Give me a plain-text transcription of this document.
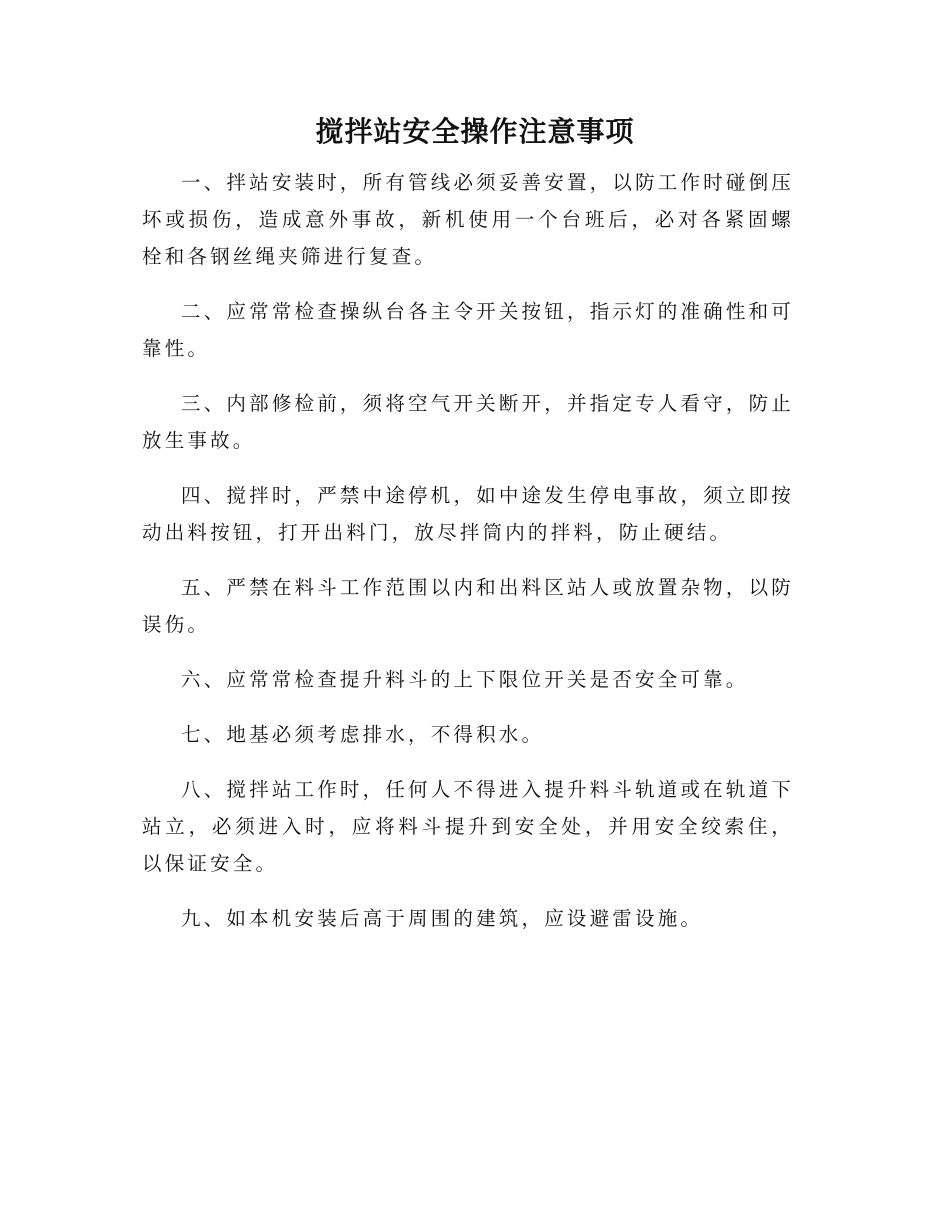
搅拌站安全操作注意事项

一、拌站安装时，所有管线必须妥善安置，以防工作时碰倒压坏或损伤，造成意外事故，新机使用一个台班后，必对各紧固螺栓和各钢丝绳夹筛进行复查。

二、应常常检查操纵台各主令开关按钮，指示灯的准确性和可靠性。

三、内部修检前，须将空气开关断开，并指定专人看守，防止放生事故。

四、搅拌时，严禁中途停机，如中途发生停电事故，须立即按动出料按钮，打开出料门，放尽拌筒内的拌料，防止硬结。

五、严禁在料斗工作范围以内和出料区站人或放置杂物，以防误伤。

六、应常常检查提升料斗的上下限位开关是否安全可靠。

七、地基必须考虑排水，不得积水。

八、搅拌站工作时，任何人不得进入提升料斗轨道或在轨道下站立，必须进入时，应将料斗提升到安全处，并用安全绞索住，以保证安全。

九、如本机安装后高于周围的建筑，应设避雷设施。
